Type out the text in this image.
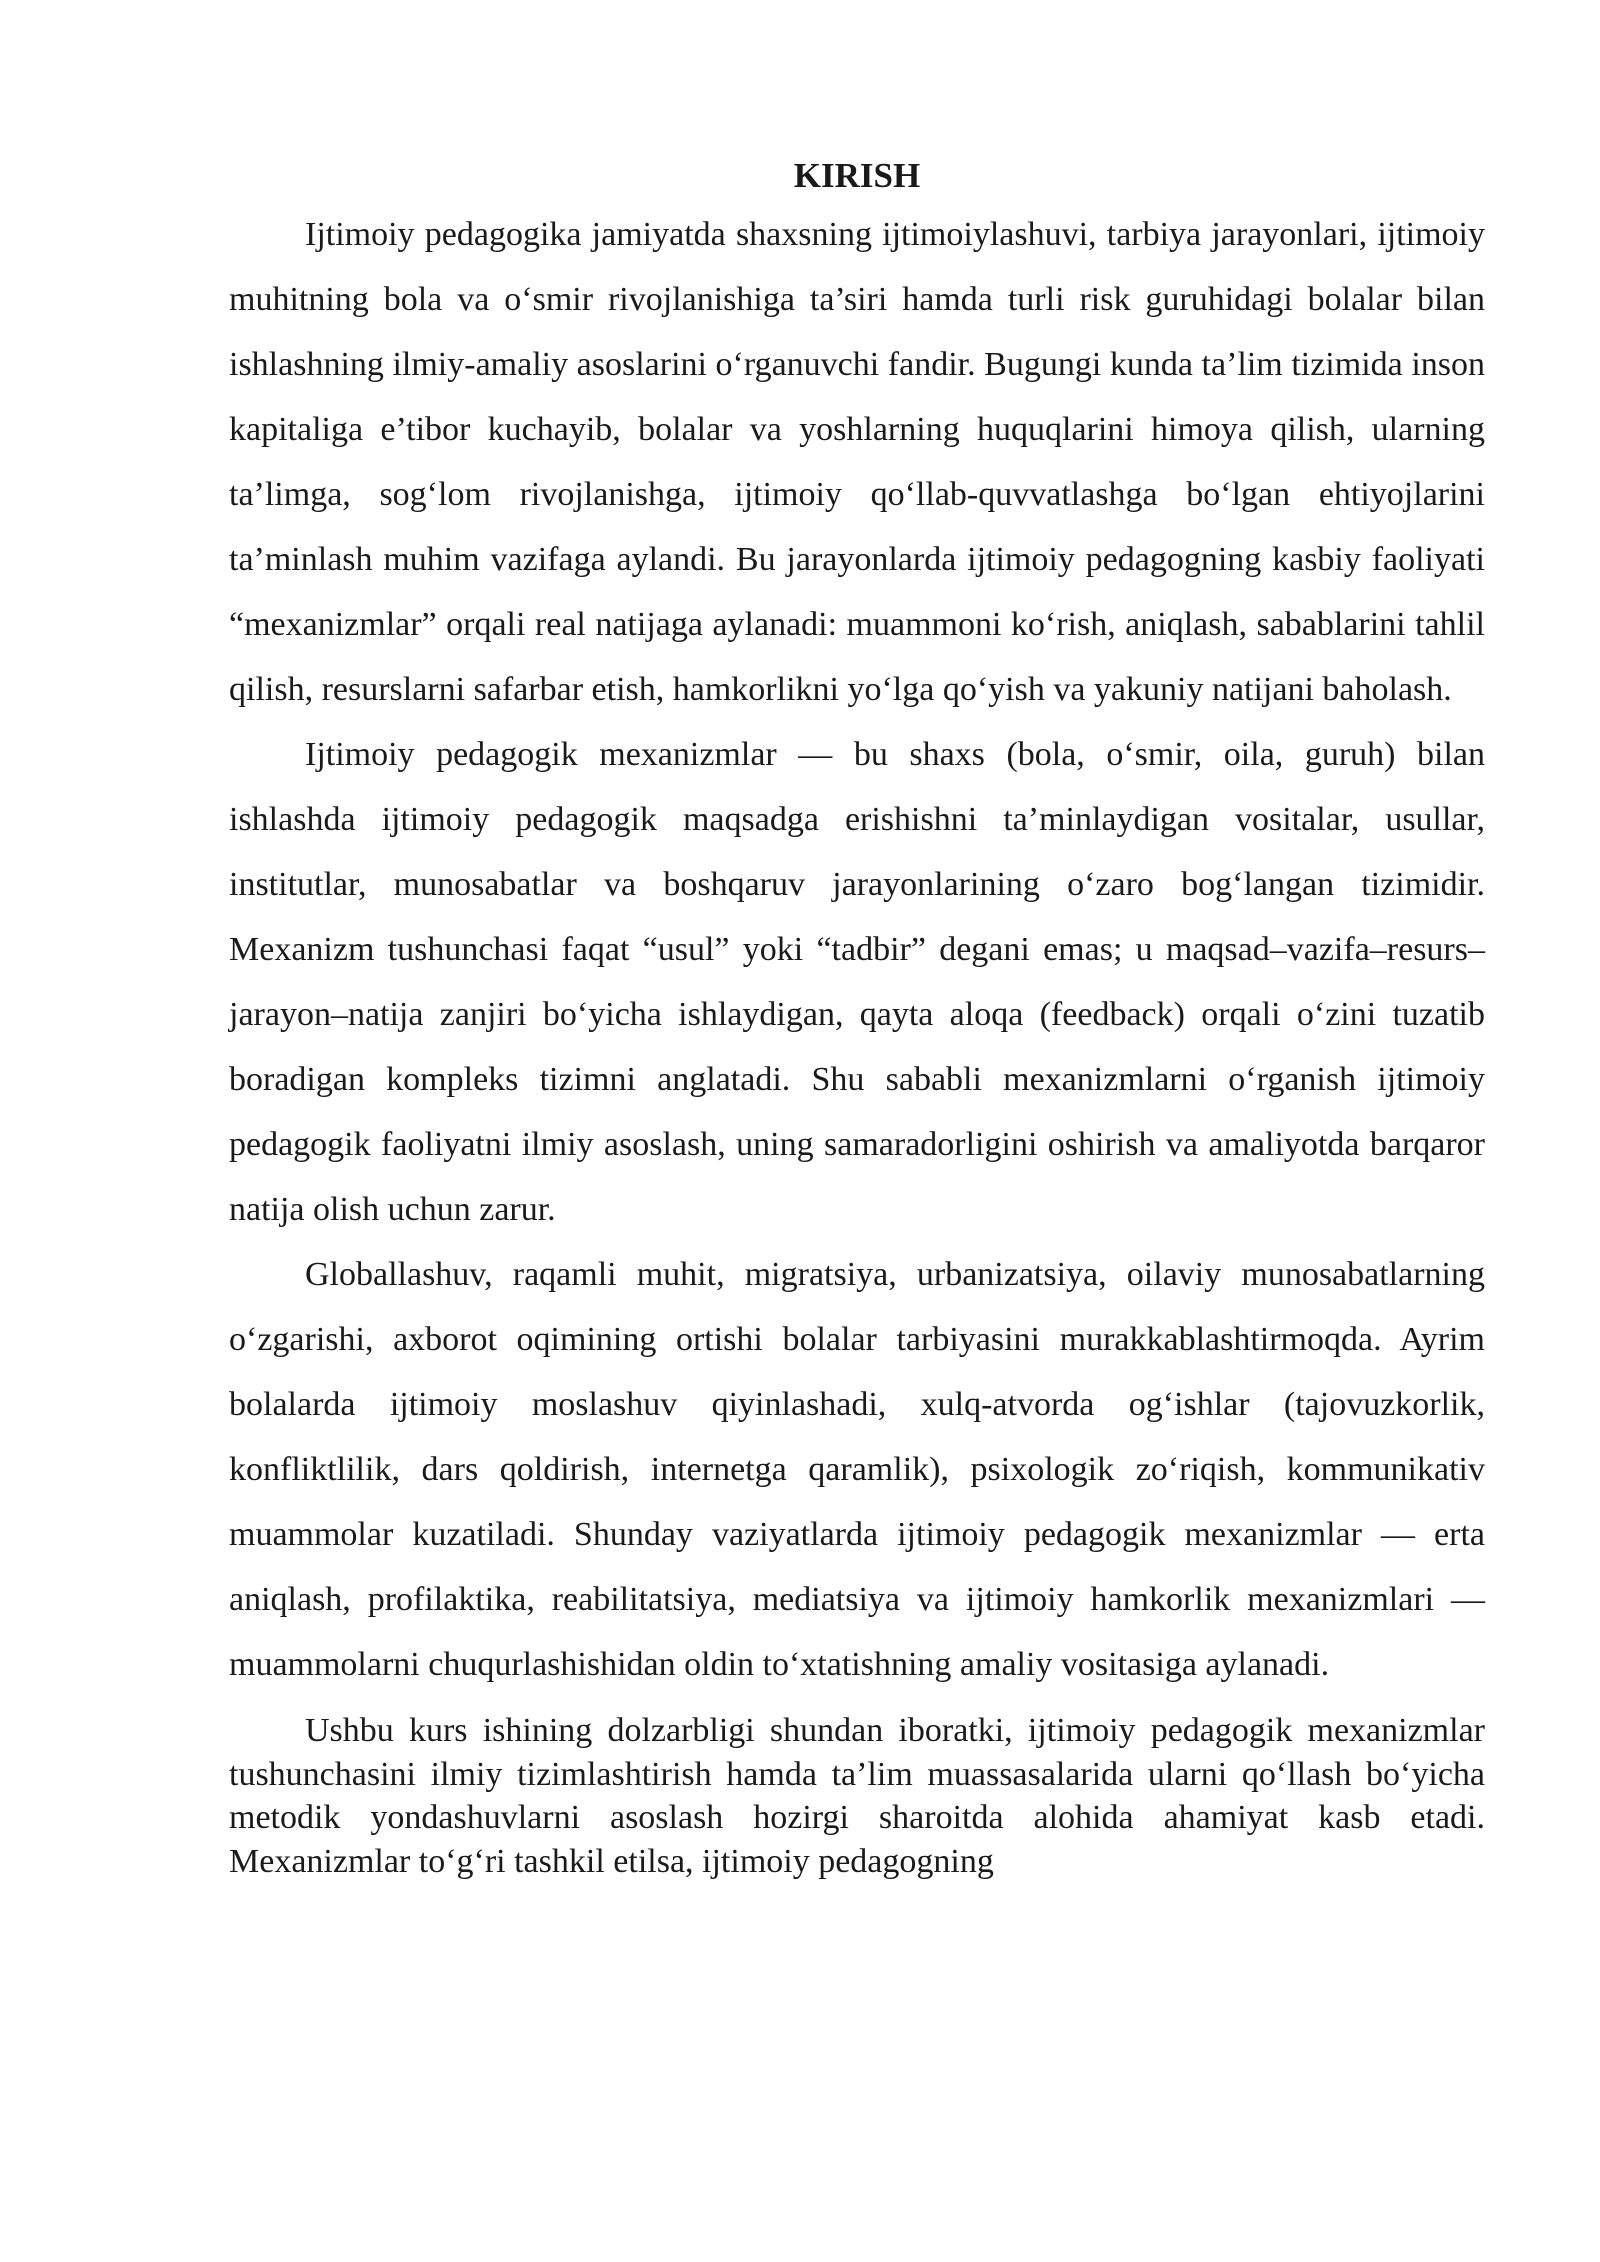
KIRISH

Ijtimoiy pedagogika jamiyatda shaxsning ijtimoiylashuvi, tarbiya jarayonlari, ijtimoiy muhitning bola va o‘smir rivojlanishiga ta’siri hamda turli risk guruhidagi bolalar bilan ishlashning ilmiy-amaliy asoslarini o‘rganuvchi fandir. Bugungi kunda ta’lim tizimida inson kapitaliga e’tibor kuchayib, bolalar va yoshlarning huquqlarini himoya qilish, ularning ta’limga, sog‘lom rivojlanishga, ijtimoiy qo‘llab-quvvatlashga bo‘lgan ehtiyojlarini ta’minlash muhim vazifaga aylandi. Bu jarayonlarda ijtimoiy pedagogning kasbiy faoliyati “mexanizmlar” orqali real natijaga aylanadi: muammoni ko‘rish, aniqlash, sabablarini tahlil qilish, resurslarni safarbar etish, hamkorlikni yo‘lga qo‘yish va yakuniy natijani baholash.

Ijtimoiy pedagogik mexanizmlar — bu shaxs (bola, o‘smir, oila, guruh) bilan ishlashda ijtimoiy pedagogik maqsadga erishishni ta’minlaydigan vositalar, usullar, institutlar, munosabatlar va boshqaruv jarayonlarining o‘zaro bog‘langan tizimidir. Mexanizm tushunchasi faqat “usul” yoki “tadbir” degani emas; u maqsad–vazifa–resurs–jarayon–natija zanjiri bo‘yicha ishlaydigan, qayta aloqa (feedback) orqali o‘zini tuzatib boradigan kompleks tizimni anglatadi. Shu sababli mexanizmlarni o‘rganish ijtimoiy pedagogik faoliyatni ilmiy asoslash, uning samaradorligini oshirish va amaliyotda barqaror natija olish uchun zarur.

Globallashuv, raqamli muhit, migratsiya, urbanizatsiya, oilaviy munosabatlarning o‘zgarishi, axborot oqimining ortishi bolalar tarbiyasini murakkablashtirmoqda. Ayrim bolalarda ijtimoiy moslashuv qiyinlashadi, xulq-atvorda og‘ishlar (tajovuzkorlik, konfliktlilik, dars qoldirish, internetga qaramlik), psixologik zo‘riqish, kommunikativ muammolar kuzatiladi. Shunday vaziyatlarda ijtimoiy pedagogik mexanizmlar — erta aniqlash, profilaktika, reabilitatsiya, mediatsiya va ijtimoiy hamkorlik mexanizmlari — muammolarni chuqurlashishidan oldin to‘xtatishning amaliy vositasiga aylanadi.

Ushbu kurs ishining dolzarbligi shundan iboratki, ijtimoiy pedagogik mexanizmlar tushunchasini ilmiy tizimlashtirish hamda ta’lim muassasalarida ularni qo‘llash bo‘yicha metodik yondashuvlarni asoslash hozirgi sharoitda alohida ahamiyat kasb etadi. Mexanizmlar to‘g‘ri tashkil etilsa, ijtimoiy pedagogning
